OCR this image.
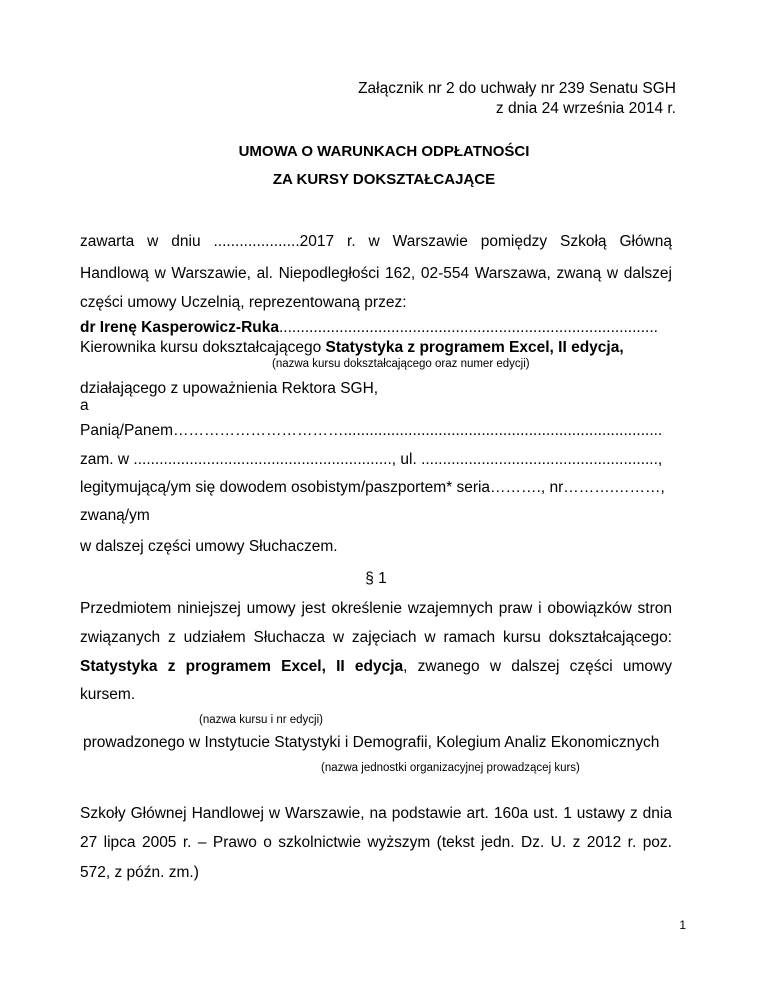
Załącznik nr 2 do uchwały nr 239 Senatu SGH
z dnia 24 września 2014 r.
UMOWA O WARUNKACH ODPŁATNOŚCI
ZA KURSY DOKSZTAŁCAJĄCE
zawarta w dniu ....................2017 r. w Warszawie pomiędzy Szkołą Główną
Handlową w Warszawie, al. Niepodległości 162, 02-554 Warszawa, zwaną w dalszej
części umowy Uczelnią, reprezentowaną przez:
dr Irenę Kasperowicz-Ruka........................................................................................
Kierownika kursu dokształcającego Statystyka z programem Excel, II edycja,
(nazwa kursu dokształcającego oraz numer edycji)
działającego z upoważnienia Rektora SGH,
a
Panią/Panem……………………………..........................................................................
zam. w ............................................................, ul. .......................................................,
legitymującą/ym się dowodem osobistym/paszportem* seria………., nr……….………,
zwaną/ym
w dalszej części umowy Słuchaczem.
§ 1
Przedmiotem niniejszej umowy jest określenie wzajemnych praw i obowiązków stron
związanych z udziałem Słuchacza w zajęciach w ramach kursu dokształcającego:
Statystyka z programem Excel, II edycja, zwanego w dalszej części umowy
kursem.
(nazwa kursu i nr edycji)
prowadzonego w Instytucie Statystyki i Demografii, Kolegium Analiz Ekonomicznych
(nazwa jednostki organizacyjnej prowadzącej kurs)
Szkoły Głównej Handlowej w Warszawie, na podstawie art. 160a ust. 1 ustawy z dnia
27 lipca 2005 r. – Prawo o szkolnictwie wyższym (tekst jedn. Dz. U. z 2012 r. poz.
572, z późn. zm.)
1
